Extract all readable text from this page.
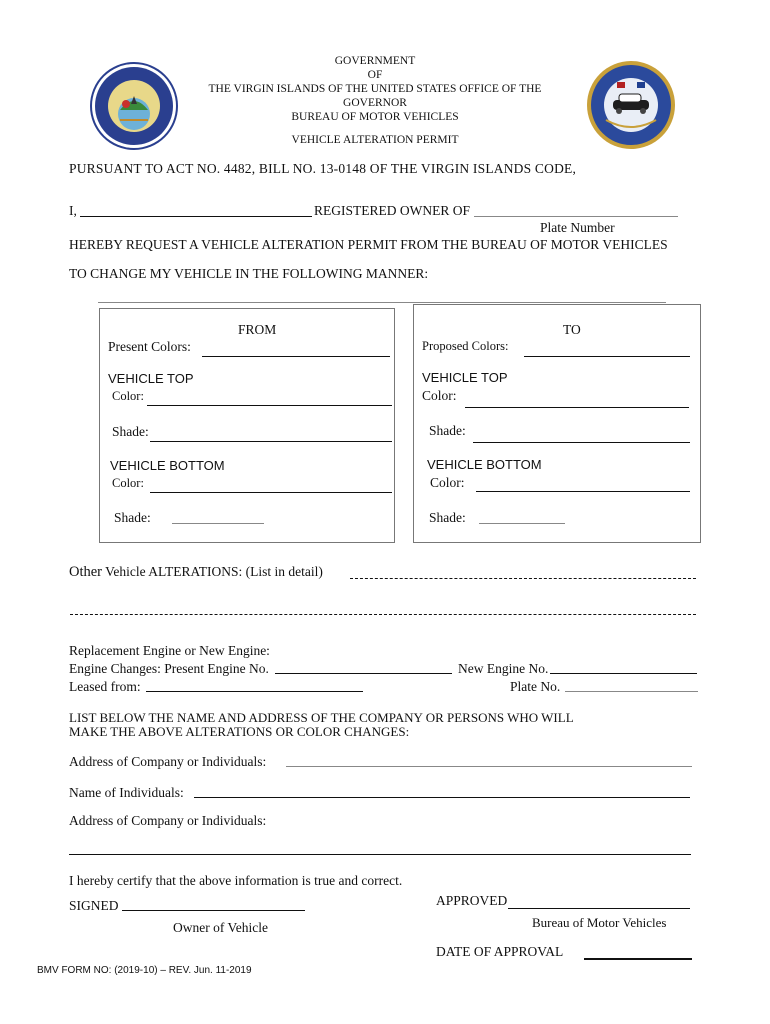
GOVERNMENT
OF
THE VIRGIN ISLANDS OF THE UNITED STATES OFFICE OF THE
GOVERNOR
BUREAU OF MOTOR VEHICLES
VEHICLE ALTERATION PERMIT
PURSUANT TO ACT NO. 4482, BILL NO. 13-0148 OF THE VIRGIN ISLANDS CODE,
I,	REGISTERED OWNER OF
Plate Number
HEREBY REQUEST A VEHICLE ALTERATION PERMIT FROM THE BUREAU OF MOTOR VEHICLES
TO CHANGE MY VEHICLE IN THE FOLLOWING MANNER:
FROM
Present Colors:
VEHICLE TOP
Color:
Shade:
VEHICLE BOTTOM
Color:
Shade:
TO
Proposed Colors:
VEHICLE TOP
Color:
Shade:
VEHICLE BOTTOM
Color:
Shade:
Other Vehicle ALTERATIONS: (List in detail)
Replacement Engine or New Engine:
Engine Changes: Present Engine No.	New Engine No.
Leased from:	Plate No.
LIST BELOW THE NAME AND ADDRESS OF THE COMPANY OR PERSONS WHO WILL
MAKE THE ABOVE ALTERATIONS OR COLOR CHANGES:
Address of Company or Individuals:
Name of Individuals:
Address of Company or Individuals:
I hereby certify that the above information is true and correct.
APPROVED
SIGNED
Bureau of Motor Vehicles
Owner of Vehicle
DATE OF APPROVAL
BMV FORM NO: (2019-10) – REV. Jun. 11-2019
